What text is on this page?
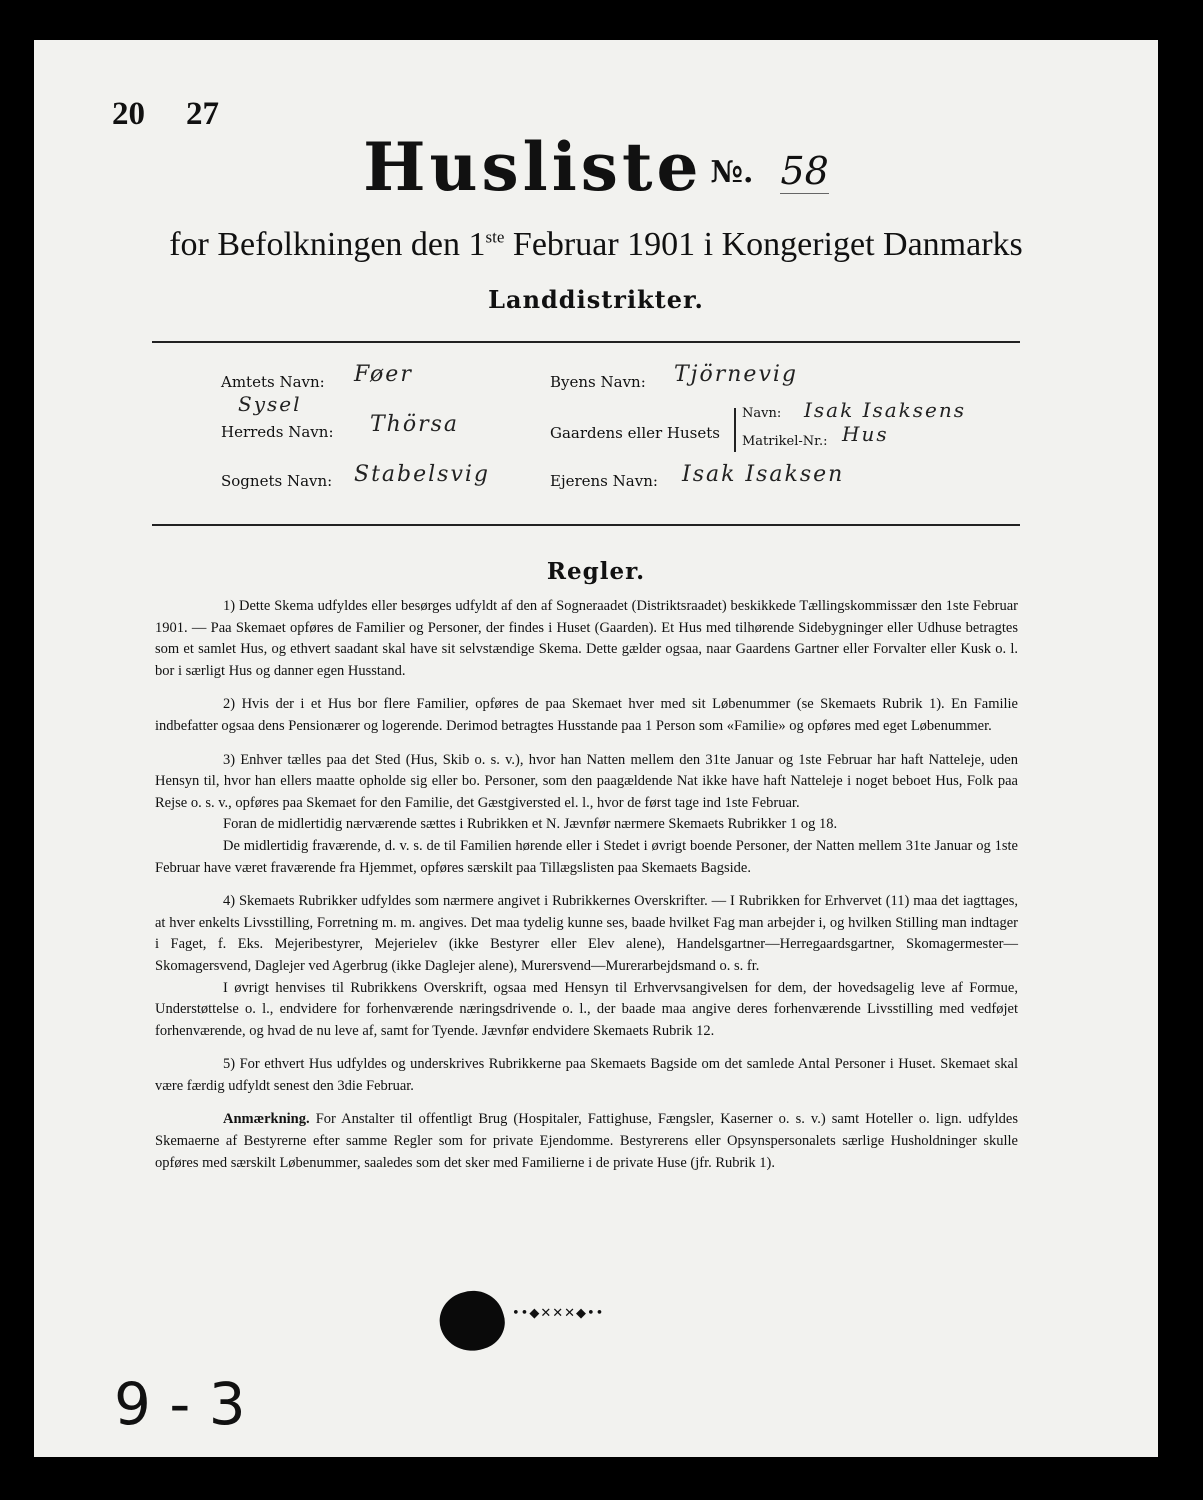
20 27
Husliste №. 58
for Befolkningen den 1ste Februar 1901 i Kongeriget Danmarks
Landdistrikter.
Amtets Navn: Føer
Sysel
Herreds Navn: Thörsa
Sognets Navn: Stabelsvig
Byens Navn: Tjörnevig
Gaardens eller Husets
Navn: Isak Isaksens
Matrikel-Nr.: Hus
Ejerens Navn: Isak Isaksen
Regler.

1) Dette Skema udfyldes eller besørges udfyldt af den af Sogneraadet (Distriktsraadet) beskikkede Tællingskommissær den 1ste Februar 1901. — Paa Skemaet opføres de Familier og Personer, der findes i Huset (Gaarden). Et Hus med tilhørende Sidebygninger eller Udhuse betragtes som et samlet Hus, og ethvert saadant skal have sit selvstændige Skema. Dette gælder ogsaa, naar Gaardens Gartner eller Forvalter eller Kusk o. l. bor i særligt Hus og danner egen Husstand.

2) Hvis der i et Hus bor flere Familier, opføres de paa Skemaet hver med sit Løbenummer (se Skemaets Rubrik 1). En Familie indbefatter ogsaa dens Pensionærer og logerende. Derimod betragtes Husstande paa 1 Person som «Familie» og opføres med eget Løbenummer.

3) Enhver tælles paa det Sted (Hus, Skib o. s. v.), hvor han Natten mellem den 31te Januar og 1ste Februar har haft Natteleje, uden Hensyn til, hvor han ellers maatte opholde sig eller bo. Personer, som den paagældende Nat ikke have haft Natteleje i noget beboet Hus, Folk paa Rejse o. s. v., opføres paa Skemaet for den Familie, det Gæstgiversted el. l., hvor de først tage ind 1ste Februar.

Foran de midlertidig nærværende sættes i Rubrikken et N. Jævnfør nærmere Skemaets Rubrikker 1 og 18.

De midlertidig fraværende, d. v. s. de til Familien hørende eller i Stedet i øvrigt boende Personer, der Natten mellem 31te Januar og 1ste Februar have været fraværende fra Hjemmet, opføres særskilt paa Tillægslisten paa Skemaets Bagside.

4) Skemaets Rubrikker udfyldes som nærmere angivet i Rubrikkernes Overskrifter. — I Rubrikken for Erhvervet (11) maa det iagttages, at hver enkelts Livsstilling, Forretning m. m. angives. Det maa tydelig kunne ses, baade hvilket Fag man arbejder i, og hvilken Stilling man indtager i Faget, f. Eks. Mejeribestyrer, Mejerielev (ikke Bestyrer eller Elev alene), Handelsgartner—Herregaardsgartner, Skomagermester—Skomagersvend, Daglejer ved Agerbrug (ikke Daglejer alene), Murersvend—Murerarbejdsmand o. s. fr.

I øvrigt henvises til Rubrikkens Overskrift, ogsaa med Hensyn til Erhvervsangivelsen for dem, der hovedsagelig leve af Formue, Understøttelse o. l., endvidere for forhenværende næringsdrivende o. l., der baade maa angive deres forhenværende Livsstilling med vedføjet forhenværende, og hvad de nu leve af, samt for Tyende. Jævnfør endvidere Skemaets Rubrik 12.

5) For ethvert Hus udfyldes og underskrives Rubrikkerne paa Skemaets Bagside om det samlede Antal Personer i Huset. Skemaet skal være færdig udfyldt senest den 3die Februar.

Anmærkning. For Anstalter til offentligt Brug (Hospitaler, Fattighuse, Fængsler, Kaserner o. s. v.) samt Hoteller o. lign. udfyldes Skemaerne af Bestyrerne efter samme Regler som for private Ejendomme. Bestyrerens eller Opsynspersonalets særlige Husholdninger skulle opføres med særskilt Løbenummer, saaledes som det sker med Familierne i de private Huse (jfr. Rubrik 1).

••◆✕✕✕◆••
9 - 3
